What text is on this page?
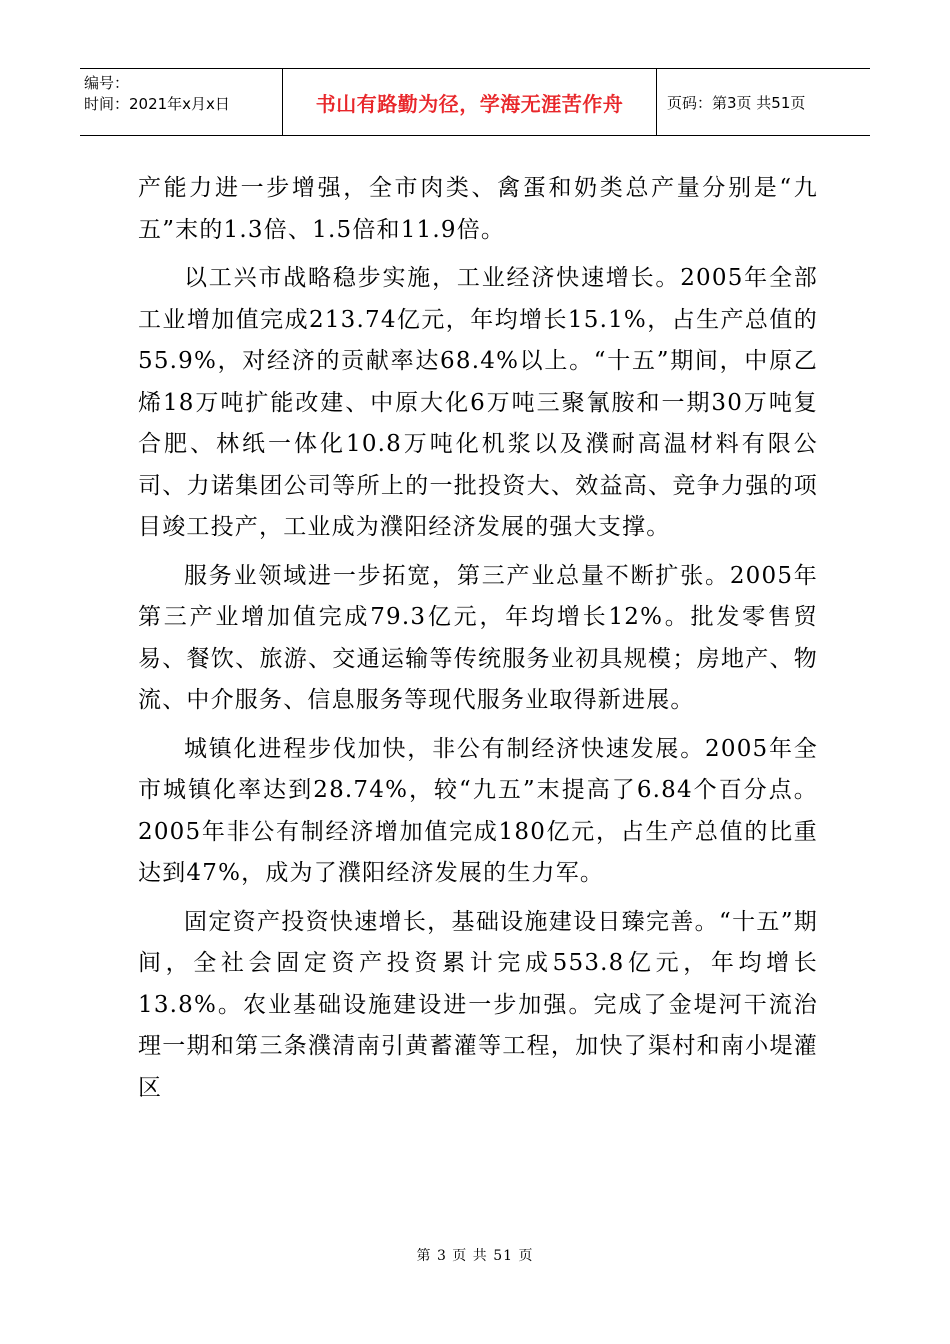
编号：
时间：2021年x月x日	书山有路勤为径，学海无涯苦作舟	页码：第3页 共51页

产能力进一步增强，全市肉类、禽蛋和奶类总产量分别是“九五”末的1.3倍、1.5倍和11.9倍。

以工兴市战略稳步实施，工业经济快速增长。2005年全部工业增加值完成213.74亿元，年均增长15.1%，占生产总值的55.9%，对经济的贡献率达68.4%以上。“十五”期间，中原乙烯18万吨扩能改建、中原大化6万吨三聚氰胺和一期30万吨复合肥、林纸一体化10.8万吨化机浆以及濮耐高温材料有限公司、力诺集团公司等所上的一批投资大、效益高、竞争力强的项目竣工投产，工业成为濮阳经济发展的强大支撑。

服务业领域进一步拓宽，第三产业总量不断扩张。2005年第三产业增加值完成79.3亿元，年均增长12%。批发零售贸易、餐饮、旅游、交通运输等传统服务业初具规模；房地产、物流、中介服务、信息服务等现代服务业取得新进展。

城镇化进程步伐加快，非公有制经济快速发展。2005年全市城镇化率达到28.74%，较“九五”末提高了6.84个百分点。2005年非公有制经济增加值完成180亿元，占生产总值的比重达到47%，成为了濮阳经济发展的生力军。

固定资产投资快速增长，基础设施建设日臻完善。“十五”期间，全社会固定资产投资累计完成553.8亿元，年均增长13.8%。农业基础设施建设进一步加强。完成了金堤河干流治理一期和第三条濮清南引黄蓄灌等工程，加快了渠村和南小堤灌区

第 3 页 共 51 页
